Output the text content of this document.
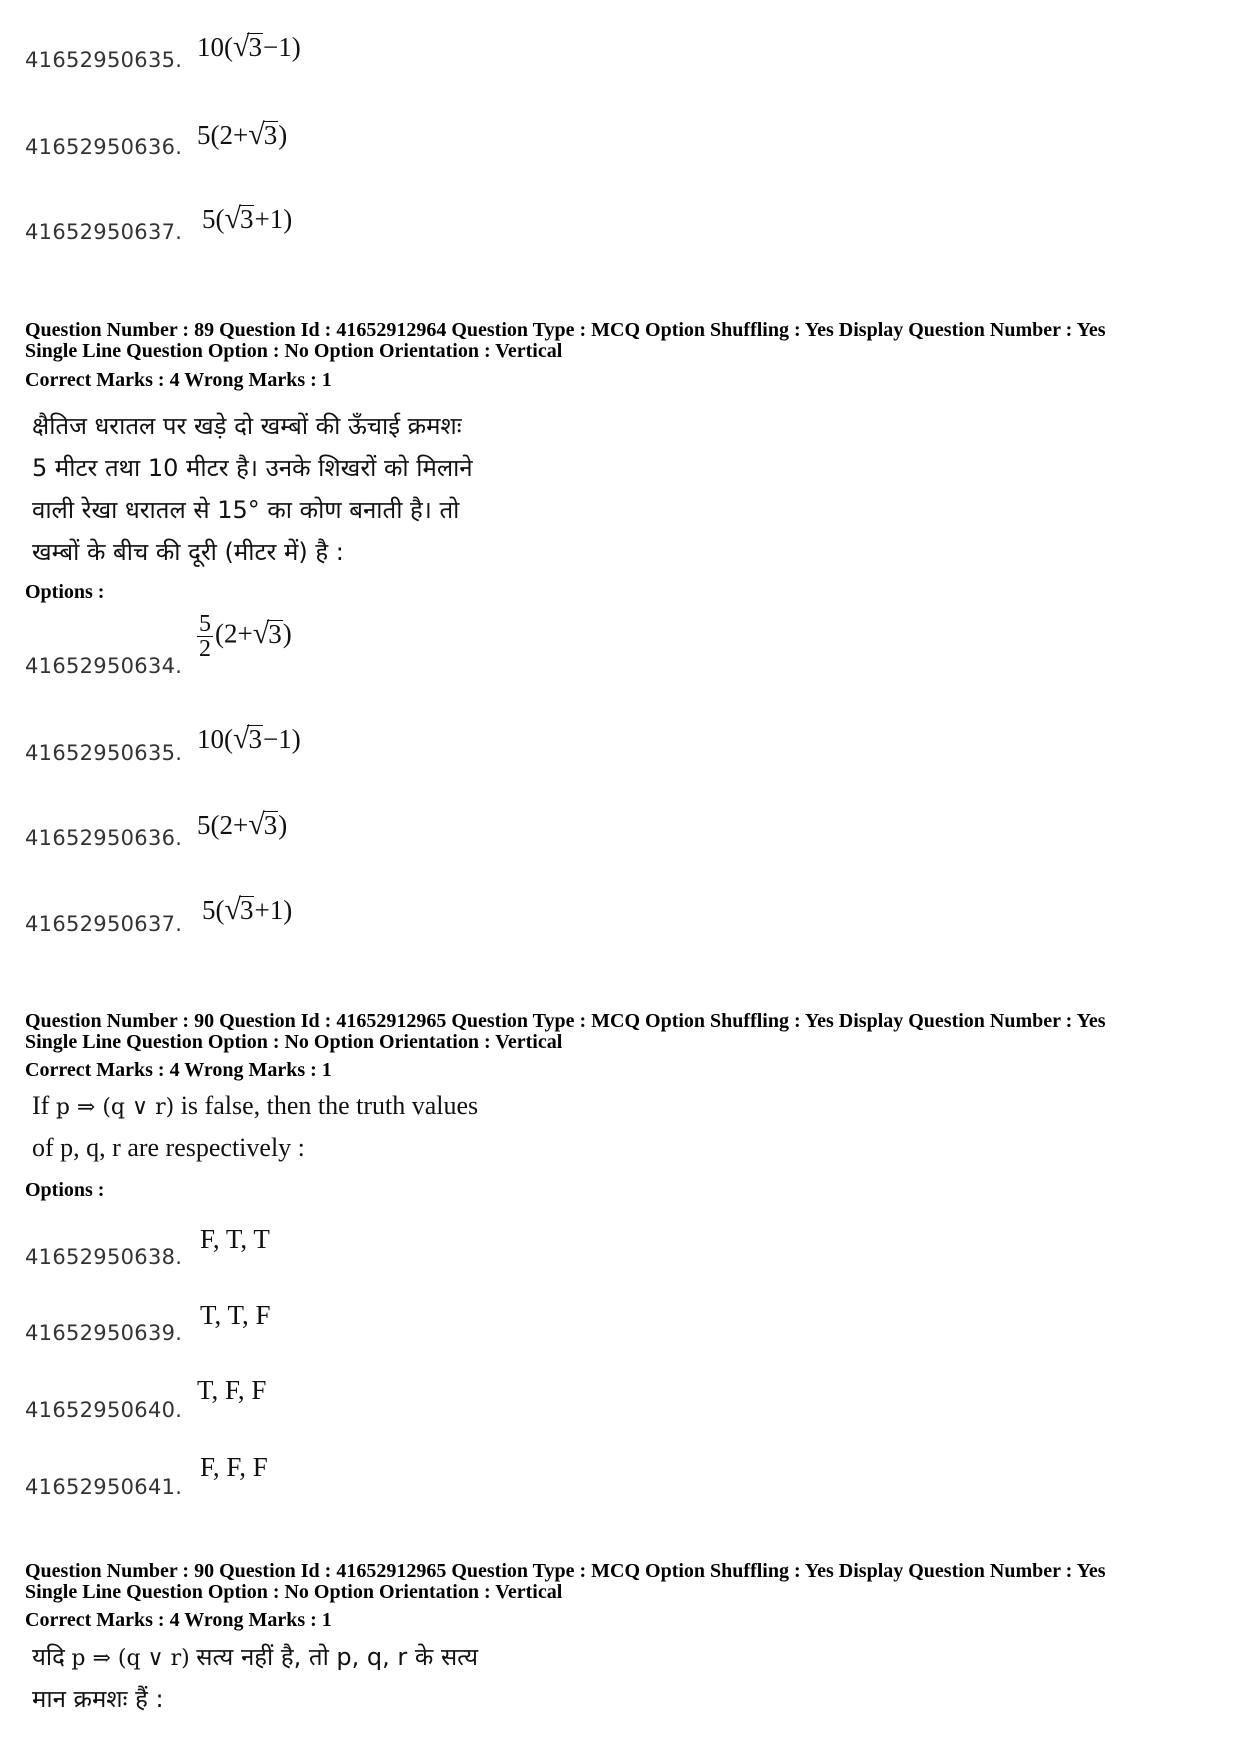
41652950635. 10(√3−1)
41652950636. 5(2+√3)
41652950637. 5(√3+1)
Question Number : 89 Question Id : 41652912964 Question Type : MCQ Option Shuffling : Yes Display Question Number : Yes
Single Line Question Option : No Option Orientation : Vertical
Correct Marks : 4 Wrong Marks : 1
क्षैतिज धरातल पर खड़े दो खम्बों की ऊँचाई क्रमशः
5 मीटर तथा 10 मीटर है। उनके शिखरों को मिलाने
वाली रेखा धरातल से 15° का कोण बनाती है। तो
खम्बों के बीच की दूरी (मीटर में) है :
Options :
41652950634.
$\frac{5}{2} (2+√3)$
41652950635. 10(√3−1)
41652950636. 5(2+√3)
41652950637. 5(√3+1)
Question Number : 90 Question Id : 41652912965 Question Type : MCQ Option Shuffling : Yes Display Question Number : Yes
Single Line Question Option : No Option Orientation : Vertical
Correct Marks : 4 Wrong Marks : 1
If p ⇒ (q ∨ r) is false, then the truth values
of p, q, r are respectively :
Options :
41652950638.
F, T, T
41652950639.
T, T, F
41652950640.
T, F, F
41652950641.
F, F, F
Question Number : 90 Question Id : 41652912965 Question Type : MCQ Option Shuffling : Yes Display Question Number : Yes
Single Line Question Option : No Option Orientation : Vertical
Correct Marks : 4 Wrong Marks : 1
यदि p ⇒ (q ∨ r) सत्य नहीं है, तो p, q, r के सत्य
मान क्रमशः हैं :
